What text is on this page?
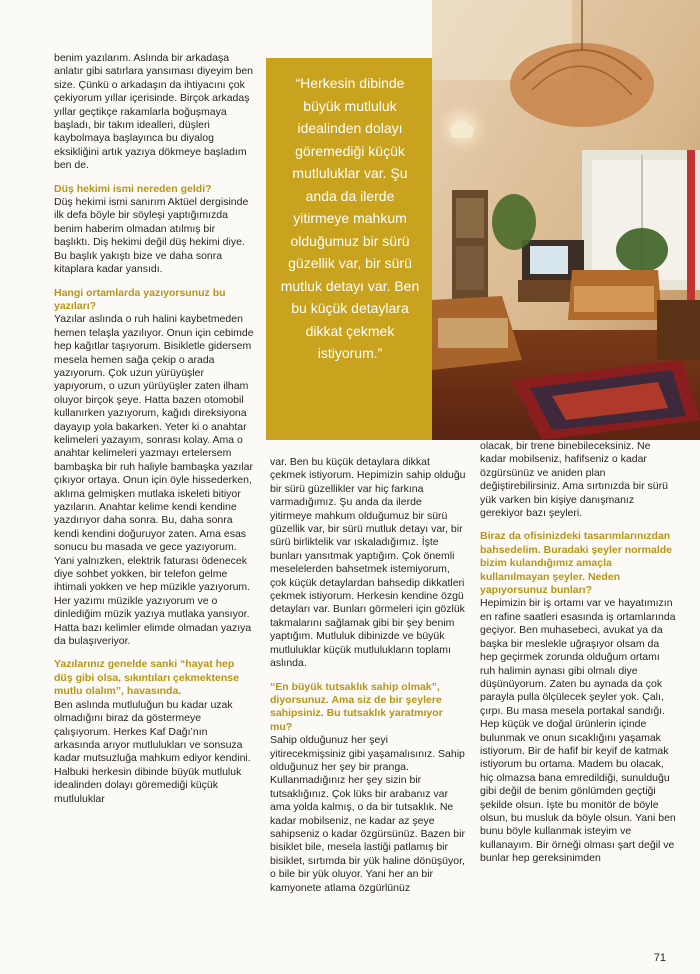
benim yazılarım. Aslında bir arkadaşa anlatır gibi satırlara yansıması diyeyim ben size. Çünkü o arkadaşın da ihtiyacını çok çekiyorum yıllar içerisinde. Birçok arkadaş yıllar geçtikçe rakamlarla boğuşmaya başladı, bir takım idealleri, düşleri kaybolmaya başlayınca bu diyalog eksikliğini artık yazıya dökmeye başladım ben de.

Düş hekimi ismi nereden geldi?

Düş hekimi ismi sanırım Aktüel dergisinde ilk defa böyle bir söyleşi yaptığımızda benim haberim olmadan atılmış bir başlıktı. Diş hekimi değil düş hekimi diye. Bu başlık yakıştı bize ve daha sonra kitaplara kadar yansıdı.

Hangi ortamlarda yazıyorsunuz bu yazıları?

Yazılar aslında o ruh halini kaybetmeden hemen telaşla yazılıyor. Onun için cebimde hep kağıtlar taşıyorum. Bisikletle gidersem mesela hemen sağa çekip o arada yazıyorum. Çok uzun yürüyüşler yapıyorum, o uzun yürüyüşler zaten ilham oluyor birçok şeye. Hatta bazen otomobil kullanırken yazıyorum, kağıdı direksiyona dayayıp yola bakarken. Yeter ki o anahtar kelimeleri yazayım, sonrası kolay. Ama o anahtar kelimeleri yazmayı ertelersem bambaşka bir ruh haliyle bambaşka yazılar çıkıyor ortaya. Onun için öyle hissederken, aklıma gelmişken mutlaka iskeleti bitiyor yazıların. Anahtar kelime kendi kendine yazdırıyor daha sonra. Bu, daha sonra kendi kendini doğuruyor zaten. Ama esas sonucu bu masada ve gece yazıyorum. Yani yalnızken, elektrik faturası ödenecek diye sohbet yokken, bir telefon gelme ihtimali yokken ve hep müzikle yazıyorum. Her yazımı müzikle yazıyorum ve o dinlediğim müzik yazıya mutlaka yansıyor. Hatta bazı kelimler elimde olmadan yazıya da bulaşıveriyor.

Yazılarınız genelde sanki “hayat hep düş gibi olsa, sıkıntıları çekmektense mutlu olalım”, havasında.

Ben aslında mutluluğun bu kadar uzak olmadığını biraz da göstermeye çalışıyorum. Herkes Kaf Dağı’nın arkasında arıyor mutlulukları ve sonsuza kadar mutsuzluğa mahkum ediyor kendini. Halbuki herkesin dibinde büyük mutluluk idealinden dolayı göremediği küçük mutluluklar

“Herkesin dibinde büyük mutluluk idealinden dolayı göremediği küçük mutluluklar var. Şu anda da ilerde yitirmeye mahkum olduğumuz bir sürü güzellik var, bir sürü mutluk detayı var. Ben bu küçük detaylara dikkat çekmek istiyorum.”

var. Ben bu küçük detaylara dikkat çekmek istiyorum. Hepimizin sahip olduğu bir sürü güzellikler var hiç farkına varmadığımız. Şu anda da ilerde yitirmeye mahkum olduğumuz bir sürü güzellik var, bir sürü mutluk detayı var, bir sürü birliktelik var ıskaladığımız. İşte bunları yansıtmak yaptığım. Çok önemli meselelerden bahsetmek istemiyorum, çok küçük detaylardan bahsedip dikkatleri çekmek istiyorum. Herkesin kendine özgü detayları var. Bunları görmeleri için gözlük takmalarını sağlamak gibi bir şey benim yaptığım. Mutluluk dibinizde ve büyük mutluluklar küçük mutlulukların toplamı aslında.

“En büyük tutsaklık sahip olmak”, diyorsunuz. Ama siz de bir şeylere sahipsiniz. Bu tutsaklık yaratmıyor mu?

Sahip olduğunuz her şeyi yitirecekmişsiniz gibi yaşamalısınız. Sahip olduğunuz her şey bir pranga. Kullanmadığınız her şey sizin bir tutsaklığınız. Çok lüks bir arabanız var ama yolda kalmış, o da bir tutsaklık. Ne kadar mobilseniz, ne kadar az şeye sahipseniz o kadar özgürsünüz. Bazen bir bisiklet bile, mesela lastiği patlamış bir bisiklet, sırtımda bir yük haline dönüşüyor, o bile bir yük oluyor. Yani her an bir kamyonete atlama özgürlünüz

olacak, bir trene binebileceksiniz. Ne kadar mobilseniz, hafifseniz o kadar özgürsünüz ve aniden plan değiştirebilirsiniz. Ama sırtınızda bir sürü yük varken bin kişiye danışmanız gerekiyor bazı şeyleri.

Biraz da ofisinizdeki tasarımlarınızdan bahsedelim. Buradaki şeyler normalde bizim kulandığımız amaçla kullanılmayan şeyler. Neden yapıyorsunuz bunları?

Hepimizin bir iş ortamı var ve hayatımızın en rafine saatleri esasında iş ortamlarında geçiyor. Ben muhasebeci, avukat ya da başka bir meslekle uğraşıyor olsam da hep geçirmek zorunda olduğum ortamı ruh halimin aynası gibi olmalı diye düşünüyorum. Zaten bu aynada da çok parayla pulla ölçülecek şeyler yok. Çalı, çırpı. Bu masa mesela portakal sandığı. Hep küçük ve doğal ürünlerin içinde bulunmak ve onun sıcaklığını yaşamak istiyorum. Bir de hafif bir keyif de katmak istiyorum bu ortama. Madem bu olacak, hiç olmazsa bana emredildiği, sunulduğu gibi değil de benim gönlümden geçtiği şekilde olsun. İşte bu monitör de böyle olsun, bu musluk da böyle olsun. Yani ben bunu böyle kullanmak isteyim ve kullanayım. Bir örneği olması şart değil ve bunlar hep gereksinimden

71
